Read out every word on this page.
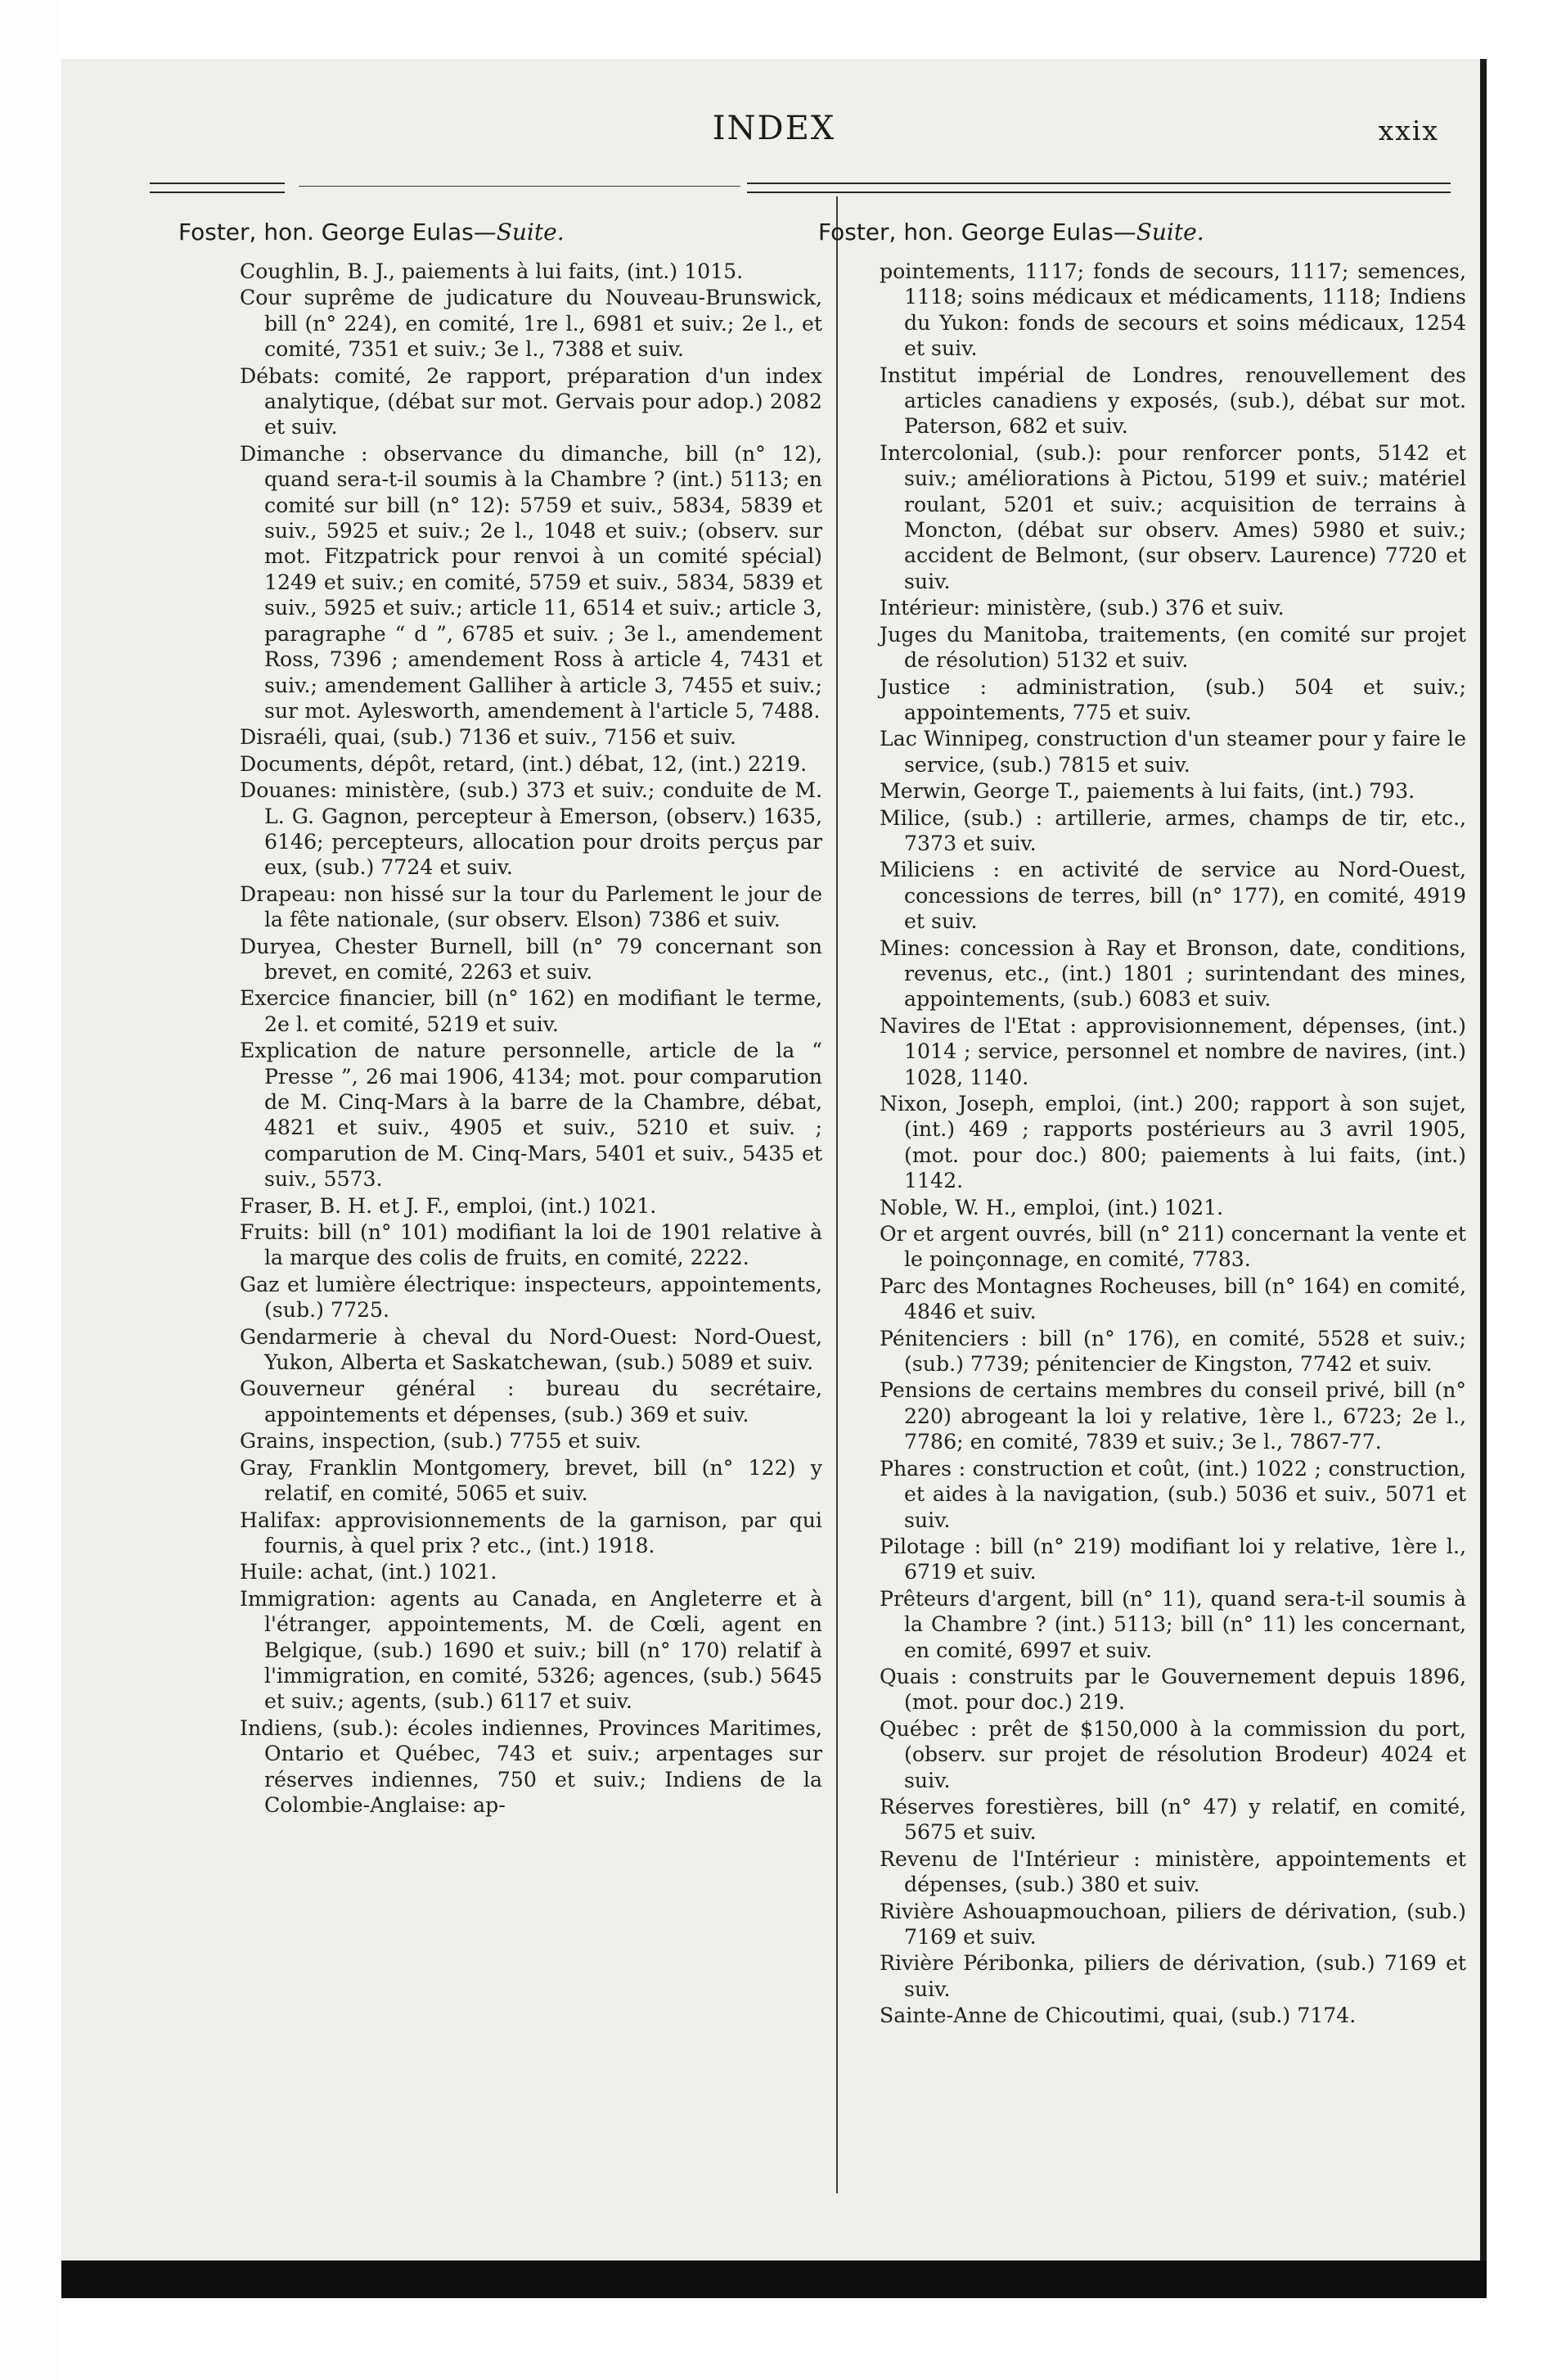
INDEX	xxix
Foster, hon. George Eulas—Suite.

Coughlin, B. J., paiements à lui faits, (int.) 1015.

Cour suprême de judicature du Nouveau-Brunswick, bill (n° 224), en comité, 1re l., 6981 et suiv.; 2e l., et comité, 7351 et suiv.; 3e l., 7388 et suiv.

Débats: comité, 2e rapport, préparation d'un index analytique, (débat sur mot. Gervais pour adop.) 2082 et suiv.

Dimanche : observance du dimanche, bill (n° 12), quand sera-t-il soumis à la Chambre ? (int.) 5113; en comité sur bill (n° 12): 5759 et suiv., 5834, 5839 et suiv., 5925 et suiv.; 2e l., 1048 et suiv.; (observ. sur mot. Fitzpatrick pour renvoi à un comité spécial) 1249 et suiv.; en comité, 5759 et suiv., 5834, 5839 et suiv., 5925 et suiv.; article 11, 6514 et suiv.; article 3, paragraphe “ d ”, 6785 et suiv. ; 3e l., amendement Ross, 7396 ; amendement Ross à article 4, 7431 et suiv.; amendement Galliher à article 3, 7455 et suiv.; sur mot. Aylesworth, amendement à l'article 5, 7488.

Disraéli, quai, (sub.) 7136 et suiv., 7156 et suiv.

Documents, dépôt, retard, (int.) débat, 12, (int.) 2219.

Douanes: ministère, (sub.) 373 et suiv.; conduite de M. L. G. Gagnon, percepteur à Emerson, (observ.) 1635, 6146; percepteurs, allocation pour droits perçus par eux, (sub.) 7724 et suiv.

Drapeau: non hissé sur la tour du Parlement le jour de la fête nationale, (sur observ. Elson) 7386 et suiv.

Duryea, Chester Burnell, bill (n° 79 concernant son brevet, en comité, 2263 et suiv.

Exercice financier, bill (n° 162) en modifiant le terme, 2e l. et comité, 5219 et suiv.

Explication de nature personnelle, article de la “ Presse ”, 26 mai 1906, 4134; mot. pour comparution de M. Cinq-Mars à la barre de la Chambre, débat, 4821 et suiv., 4905 et suiv., 5210 et suiv. ; comparution de M. Cinq-Mars, 5401 et suiv., 5435 et suiv., 5573.

Fraser, B. H. et J. F., emploi, (int.) 1021.

Fruits: bill (n° 101) modifiant la loi de 1901 relative à la marque des colis de fruits, en comité, 2222.

Gaz et lumière électrique: inspecteurs, appointements, (sub.) 7725.

Gendarmerie à cheval du Nord-Ouest: Nord-Ouest, Yukon, Alberta et Saskatchewan, (sub.) 5089 et suiv.

Gouverneur général : bureau du secrétaire, appointements et dépenses, (sub.) 369 et suiv.

Grains, inspection, (sub.) 7755 et suiv.

Gray, Franklin Montgomery, brevet, bill (n° 122) y relatif, en comité, 5065 et suiv.

Halifax: approvisionnements de la garnison, par qui fournis, à quel prix ? etc., (int.) 1918.

Huile: achat, (int.) 1021.

Immigration: agents au Canada, en Angleterre et à l'étranger, appointements, M. de Cœli, agent en Belgique, (sub.) 1690 et suiv.; bill (n° 170) relatif à l'immigration, en comité, 5326; agences, (sub.) 5645 et suiv.; agents, (sub.) 6117 et suiv.

Indiens, (sub.): écoles indiennes, Provinces Maritimes, Ontario et Québec, 743 et suiv.; arpentages sur réserves indiennes, 750 et suiv.; Indiens de la Colombie-Anglaise: ap-

Foster, hon. George Eulas—Suite.

pointements, 1117; fonds de secours, 1117; semences, 1118; soins médicaux et médicaments, 1118; Indiens du Yukon: fonds de secours et soins médicaux, 1254 et suiv.

Institut impérial de Londres, renouvellement des articles canadiens y exposés, (sub.), débat sur mot. Paterson, 682 et suiv.

Intercolonial, (sub.): pour renforcer ponts, 5142 et suiv.; améliorations à Pictou, 5199 et suiv.; matériel roulant, 5201 et suiv.; acquisition de terrains à Moncton, (débat sur observ. Ames) 5980 et suiv.; accident de Belmont, (sur observ. Laurence) 7720 et suiv.

Intérieur: ministère, (sub.) 376 et suiv.

Juges du Manitoba, traitements, (en comité sur projet de résolution) 5132 et suiv.

Justice : administration, (sub.) 504 et suiv.; appointements, 775 et suiv.

Lac Winnipeg, construction d'un steamer pour y faire le service, (sub.) 7815 et suiv.

Merwin, George T., paiements à lui faits, (int.) 793.

Milice, (sub.) : artillerie, armes, champs de tir, etc., 7373 et suiv.

Miliciens : en activité de service au Nord-Ouest, concessions de terres, bill (n° 177), en comité, 4919 et suiv.

Mines: concession à Ray et Bronson, date, conditions, revenus, etc., (int.) 1801 ; surintendant des mines, appointements, (sub.) 6083 et suiv.

Navires de l'Etat : approvisionnement, dépenses, (int.) 1014 ; service, personnel et nombre de navires, (int.) 1028, 1140.

Nixon, Joseph, emploi, (int.) 200; rapport à son sujet, (int.) 469 ; rapports postérieurs au 3 avril 1905, (mot. pour doc.) 800; paiements à lui faits, (int.) 1142.

Noble, W. H., emploi, (int.) 1021.

Or et argent ouvrés, bill (n° 211) concernant la vente et le poinçonnage, en comité, 7783.

Parc des Montagnes Rocheuses, bill (n° 164) en comité, 4846 et suiv.

Pénitenciers : bill (n° 176), en comité, 5528 et suiv.; (sub.) 7739; pénitencier de Kingston, 7742 et suiv.

Pensions de certains membres du conseil privé, bill (n° 220) abrogeant la loi y relative, 1ère l., 6723; 2e l., 7786; en comité, 7839 et suiv.; 3e l., 7867-77.

Phares : construction et coût, (int.) 1022 ; construction, et aides à la navigation, (sub.) 5036 et suiv., 5071 et suiv.

Pilotage : bill (n° 219) modifiant loi y relative, 1ère l., 6719 et suiv.

Prêteurs d'argent, bill (n° 11), quand sera-t-il soumis à la Chambre ? (int.) 5113; bill (n° 11) les concernant, en comité, 6997 et suiv.

Quais : construits par le Gouvernement depuis 1896, (mot. pour doc.) 219.

Québec : prêt de $150,000 à la commission du port, (observ. sur projet de résolution Brodeur) 4024 et suiv.

Réserves forestières, bill (n° 47) y relatif, en comité, 5675 et suiv.

Revenu de l'Intérieur : ministère, appointements et dépenses, (sub.) 380 et suiv.

Rivière Ashouapmouchoan, piliers de dérivation, (sub.) 7169 et suiv.

Rivière Péribonka, piliers de dérivation, (sub.) 7169 et suiv.

Sainte-Anne de Chicoutimi, quai, (sub.) 7174.
